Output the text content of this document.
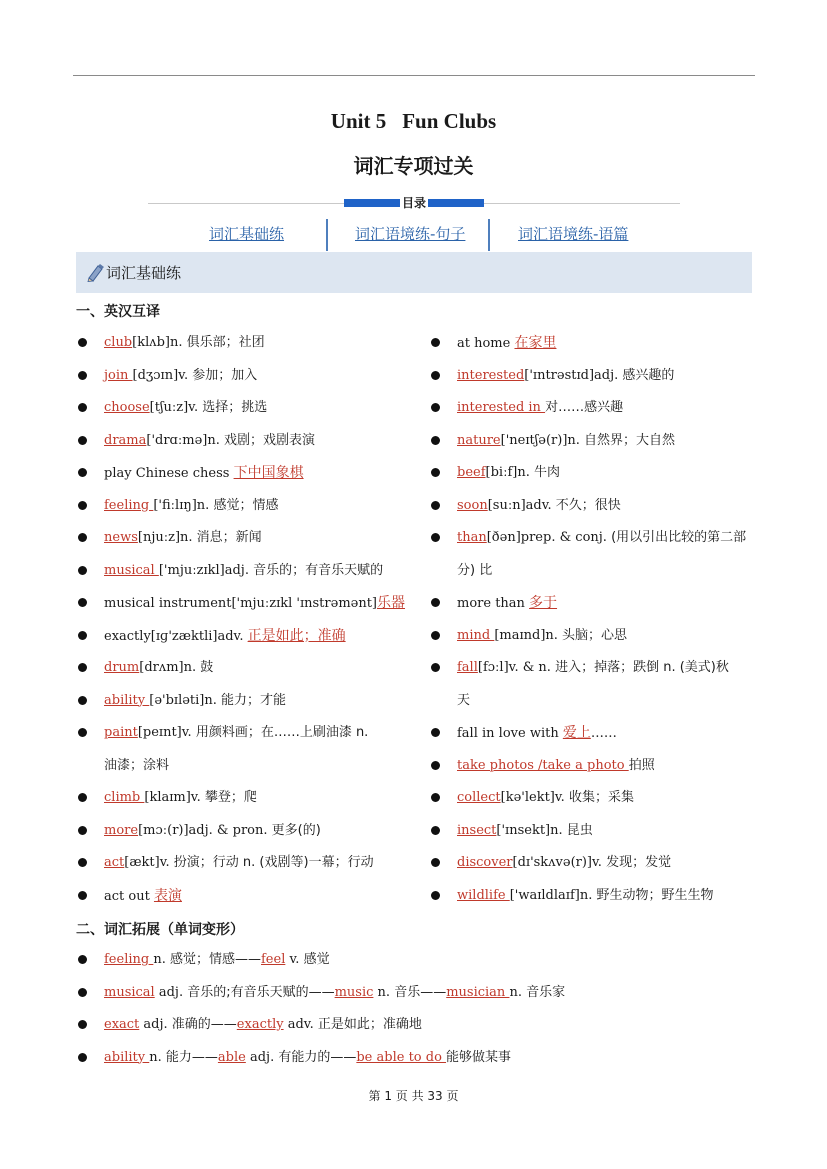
Unit 5 Fun Clubs
词汇专项过关
目录
词汇基础练	词汇语境练-句子	词汇语境练-语篇
词汇基础练
一、英汉互译
二、词汇拓展（单词变形）
club[klʌb]n. 俱乐部；社团
join [dʒɔɪn]v. 参加；加入
choose[tʃuːz]v. 选择；挑选
drama['drɑːmə]n. 戏剧；戏剧表演
play Chinese chess 下中国象棋
feeling ['fiːlɪŋ]n. 感觉；情感
news[njuːz]n. 消息；新闻
musical ['mjuːzɪkl]adj. 音乐的；有音乐天赋的
musical instrument['mjuːzɪkl 'ɪnstrəmənt]乐器
exactly[ɪɡ'zæktli]adv. 正是如此；准确
drum[drʌm]n. 鼓
ability [ə'bɪləti]n. 能力；才能
paint[peɪnt]v. 用颜料画；在……上刷油漆 n.
油漆；涂料
climb [klaɪm]v. 攀登；爬
more[mɔː(r)]adj. & pron. 更多(的)
act[ækt]v. 扮演；行动 n. (戏剧等)一幕；行动
act out 表演
at home 在家里
interested['ɪntrəstɪd]adj. 感兴趣的
interested in 对……感兴趣
nature['neɪtʃə(r)]n. 自然界；大自然
beef[biːf]n. 牛肉
soon[suːn]adv. 不久；很快
than[ðən]prep. & conj. (用以引出比较的第二部
分) 比
more than 多于
mind [maɪnd]n. 头脑；心思
fall[fɔːl]v. & n. 进入；掉落；跌倒 n. (美式)秋
天
fall in love with 爱上……
take photos /take a photo 拍照
collect[kə'lekt]v. 收集；采集
insect['ɪnsekt]n. 昆虫
discover[dɪ'skʌvə(r)]v. 发现；发觉
wildlife ['waɪldlaɪf]n. 野生动物；野生生物
feeling n. 感觉；情感——feel v. 感觉
musical adj. 音乐的;有音乐天赋的——music n. 音乐——musician n. 音乐家
exact adj. 准确的——exactly adv. 正是如此；准确地
ability n. 能力——able adj. 有能力的——be able to do 能够做某事
第 1 页 共 33 页
